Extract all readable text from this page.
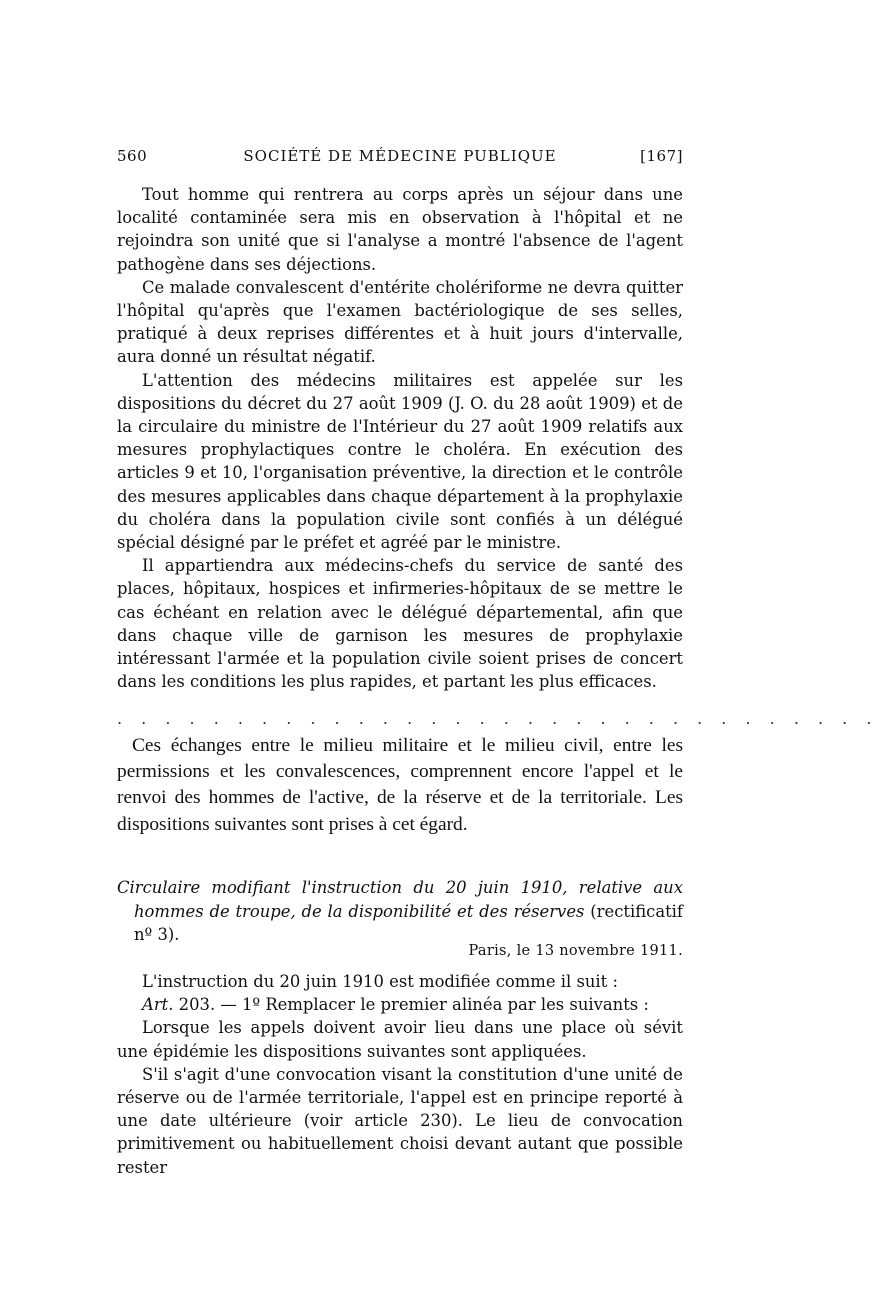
560	SOCIÉTÉ DE MÉDECINE PUBLIQUE	[167]

Tout homme qui rentrera au corps après un séjour dans une localité contaminée sera mis en observation à l'hôpital et ne rejoindra son unité que si l'analyse a montré l'absence de l'agent pathogène dans ses déjections.

Ce malade convalescent d'entérite cholériforme ne devra quitter l'hôpital qu'après que l'examen bactériologique de ses selles, pratiqué à deux reprises différentes et à huit jours d'intervalle, aura donné un résultat négatif.

L'attention des médecins militaires est appelée sur les dispositions du décret du 27 août 1909 (J. O. du 28 août 1909) et de la circulaire du ministre de l'Intérieur du 27 août 1909 relatifs aux mesures prophylactiques contre le choléra. En exécution des articles 9 et 10, l'organisation préventive, la direction et le contrôle des mesures applicables dans chaque département à la prophylaxie du choléra dans la population civile sont confiés à un délégué spécial désigné par le préfet et agréé par le ministre.

Il appartiendra aux médecins-chefs du service de santé des places, hôpitaux, hospices et infirmeries-hôpitaux de se mettre le cas échéant en relation avec le délégué départemental, afin que dans chaque ville de garnison les mesures de prophylaxie intéressant l'armée et la population civile soient prises de concert dans les conditions les plus rapides, et partant les plus efficaces.

. . . . . . . . . . . . . . . . . . . . . . . . . . . . . . . .

Ces échanges entre le milieu militaire et le milieu civil, entre les permissions et les convalescences, comprennent encore l'appel et le renvoi des hommes de l'active, de la réserve et de la territoriale. Les dispositions suivantes sont prises à cet égard.

Circulaire modifiant l'instruction du 20 juin 1910, relative aux hommes de troupe, de la disponibilité et des réserves (rectificatif nº 3).

Paris, le 13 novembre 1911.

L'instruction du 20 juin 1910 est modifiée comme il suit :

Art. 203. — 1º Remplacer le premier alinéa par les suivants :

Lorsque les appels doivent avoir lieu dans une place où sévit une épidémie les dispositions suivantes sont appliquées.

S'il s'agit d'une convocation visant la constitution d'une unité de réserve ou de l'armée territoriale, l'appel est en principe reporté à une date ultérieure (voir article 230). Le lieu de convocation primitivement ou habituellement choisi devant autant que possible rester
